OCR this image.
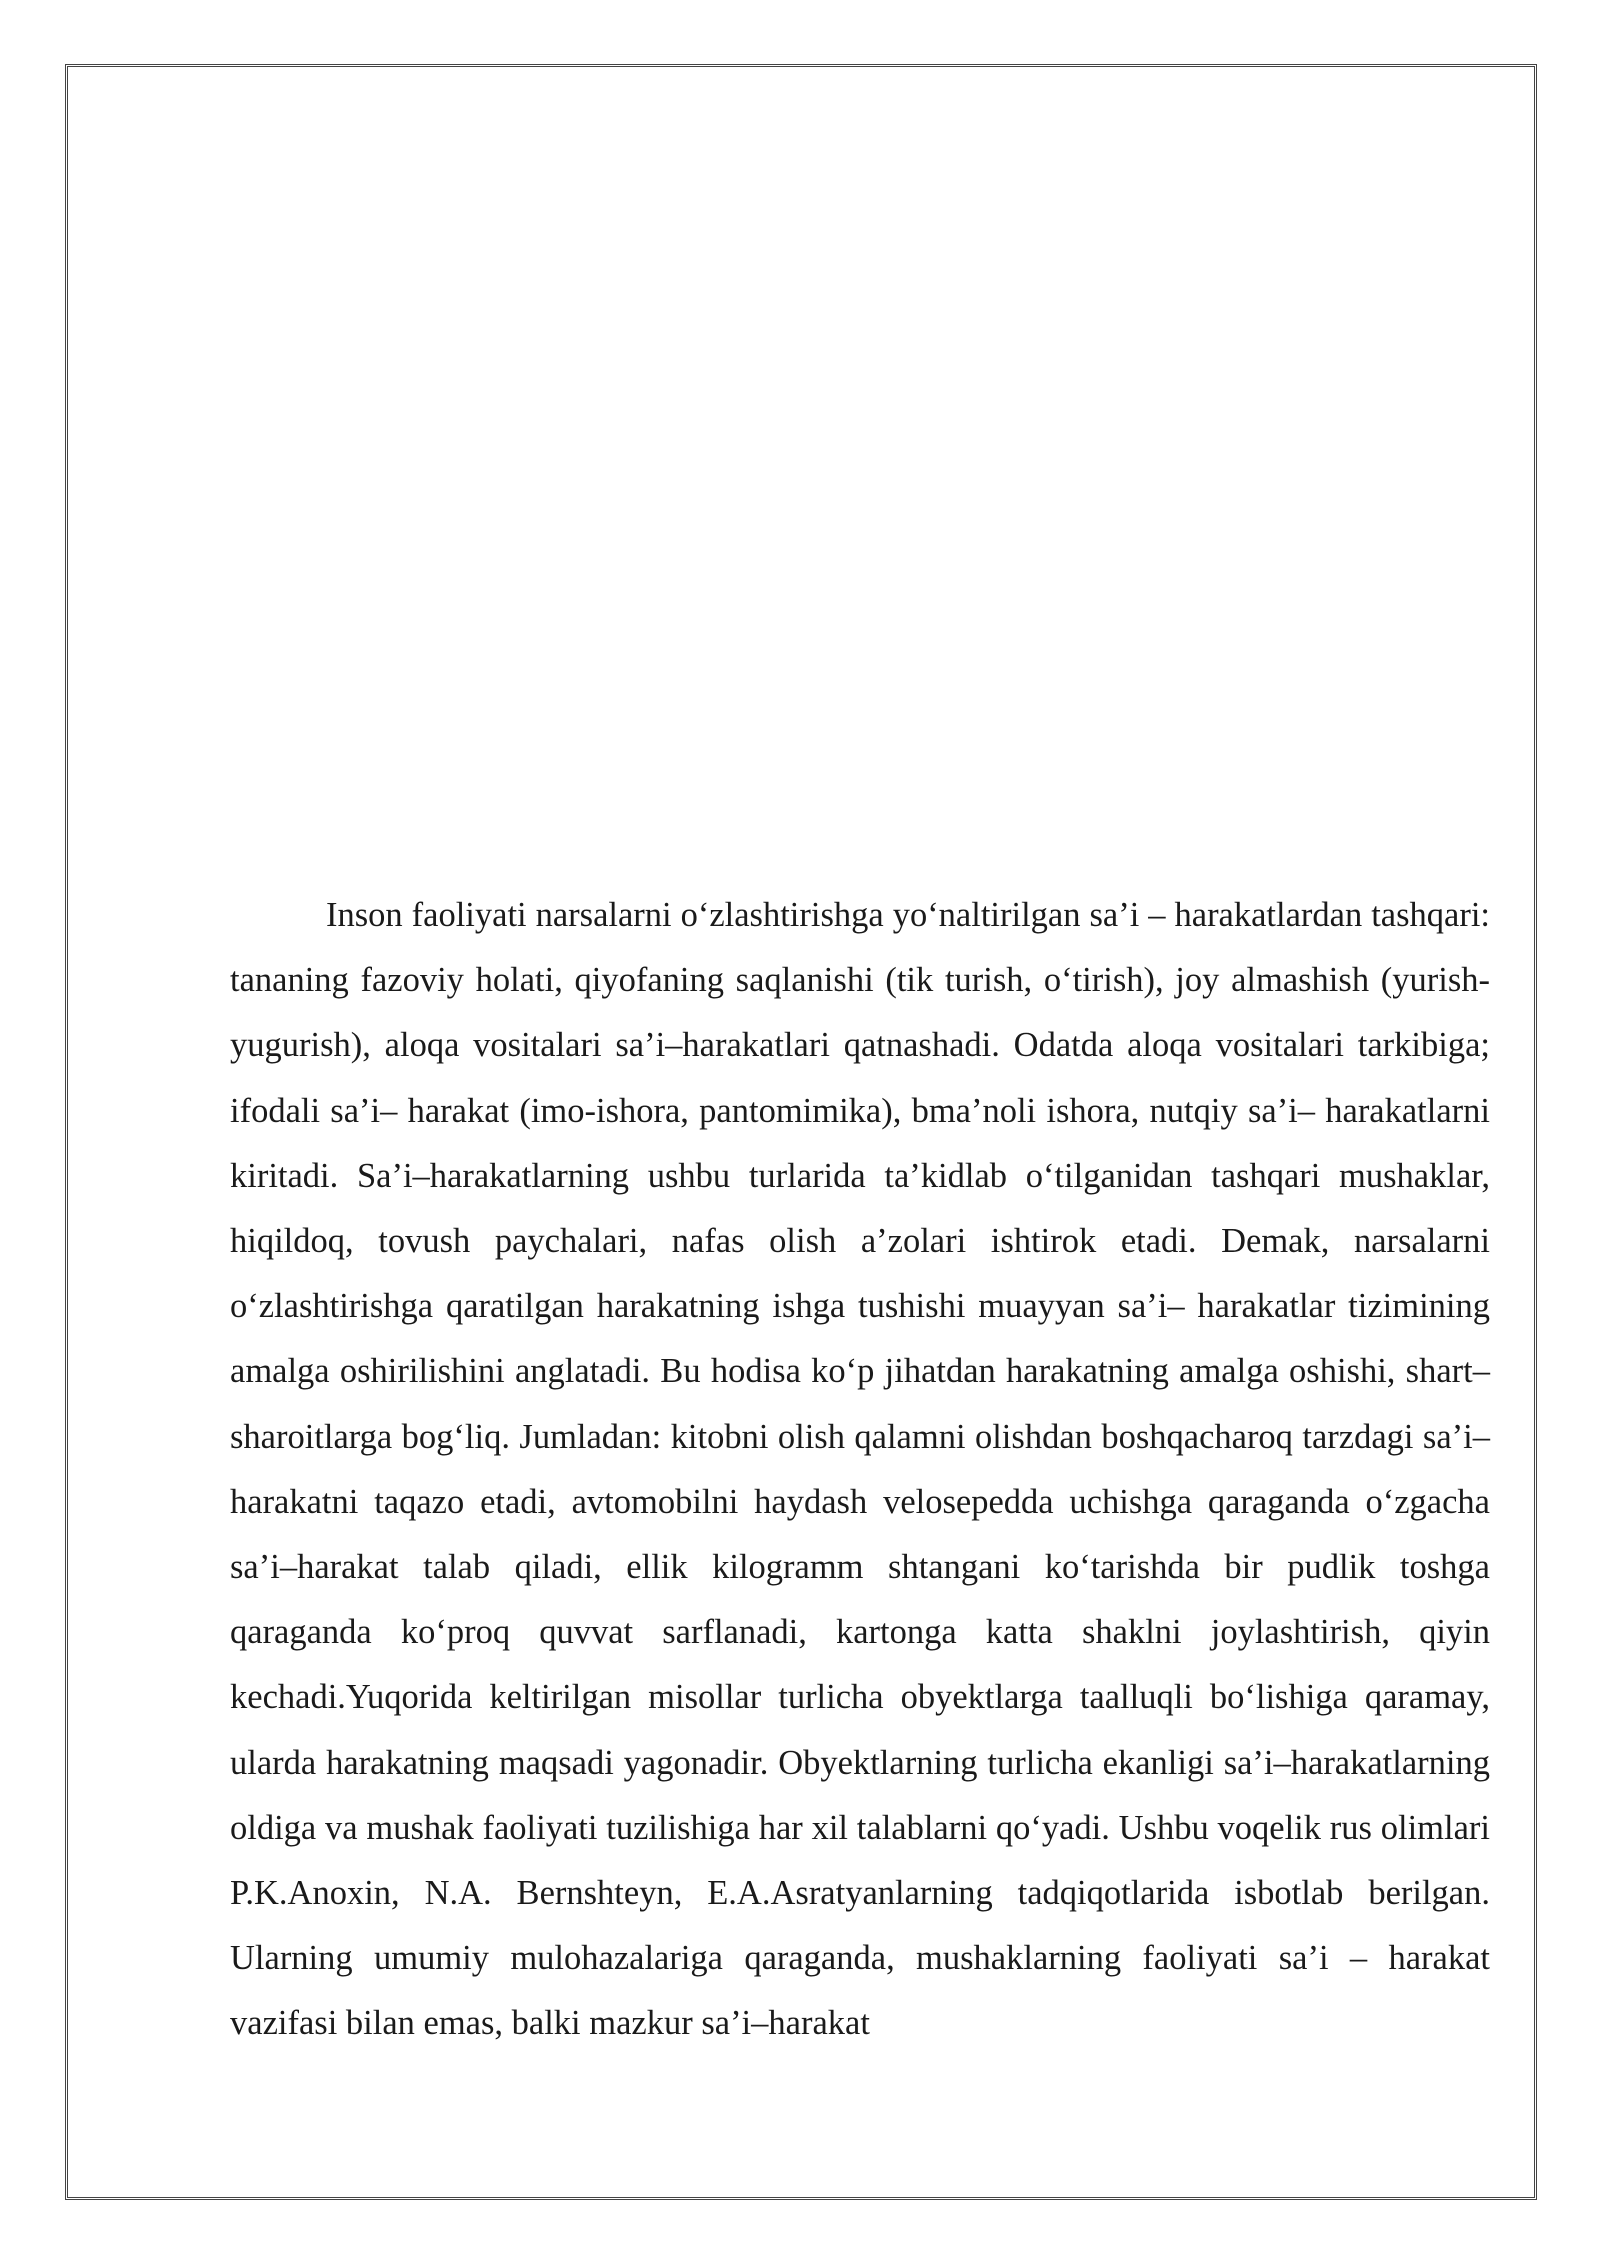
Inson faoliyati narsalarni o‘zlashtirishga yo‘naltirilgan sa’i – harakatlardan tashqari: tananing fazoviy holati, qiyofaning saqlanishi (tik turish, o‘tirish), joy almashish (yurish-yugurish), aloqa vositalari sa’i–harakatlari qatnashadi. Odatda aloqa vositalari tarkibiga; ifodali sa’i– harakat (imo-ishora, pantomimika), bma’noli ishora, nutqiy sa’i– harakatlarni kiritadi. Sa’i–harakatlarning ushbu turlarida ta’kidlab o‘tilganidan tashqari mushaklar, hiqildoq, tovush paychalari, nafas olish a’zolari ishtirok etadi. Demak, narsalarni o‘zlashtirishga qaratilgan harakatning ishga tushishi muayyan sa’i– harakatlar tizimining amalga oshirilishini anglatadi. Bu hodisa ko‘p jihatdan harakatning amalga oshishi, shart–sharoitlarga bog‘liq. Jumladan: kitobni olish qalamni olishdan boshqacharoq tarzdagi sa’i–harakatni taqazo etadi, avtomobilni haydash velosepedda uchishga qaraganda o‘zgacha sa’i–harakat talab qiladi, ellik kilogramm shtangani ko‘tarishda bir pudlik toshga qaraganda ko‘proq quvvat sarflanadi, kartonga katta shaklni joylashtirish, qiyin kechadi.Yuqorida keltirilgan misollar turlicha obyektlarga taalluqli bo‘lishiga qaramay, ularda harakatning maqsadi yagonadir. Obyektlarning turlicha ekanligi sa’i–harakatlarning oldiga va mushak faoliyati tuzilishiga har xil talablarni qo‘yadi. Ushbu voqelik rus olimlari P.K.Anoxin, N.A. Bernshteyn, E.A.Asratyanlarning tadqiqotlarida isbotlab berilgan. Ularning umumiy mulohazalariga qaraganda, mushaklarning faoliyati sa’i – harakat vazifasi bilan emas, balki mazkur sa’i–harakat
